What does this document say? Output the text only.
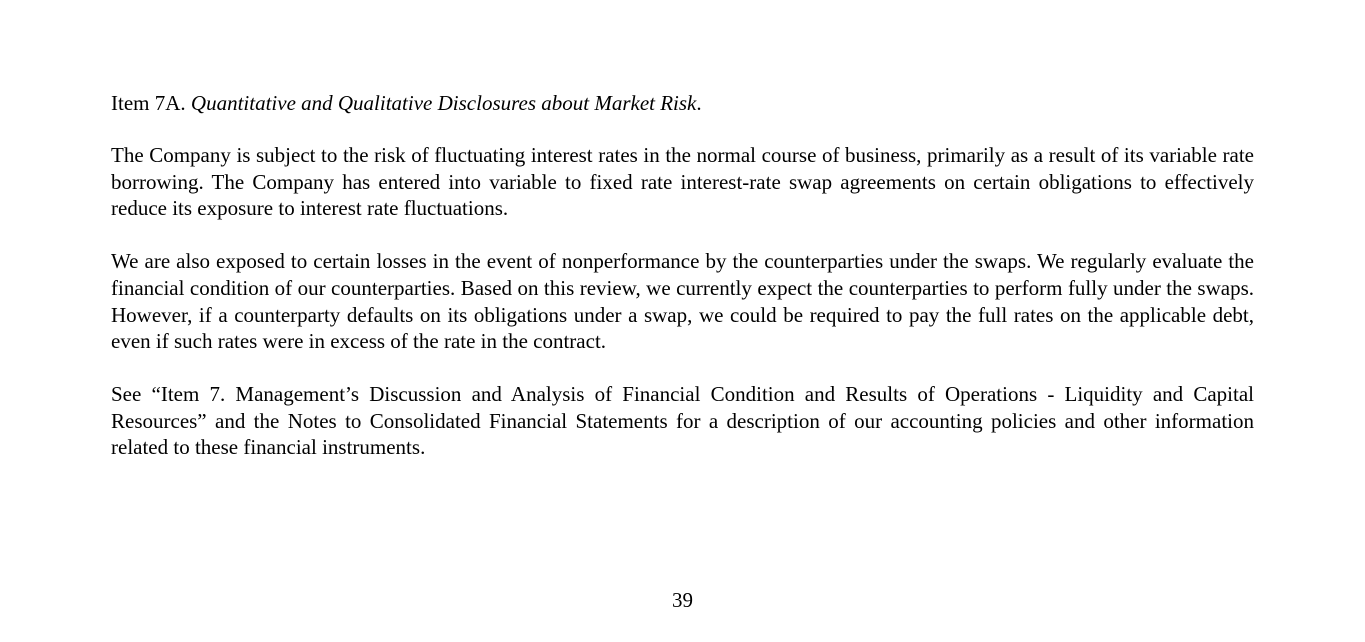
Item 7A. Quantitative and Qualitative Disclosures about Market Risk.

The Company is subject to the risk of fluctuating interest rates in the normal course of business, primarily as a result of its variable rate borrowing. The Company has entered into variable to fixed rate interest-rate swap agreements on certain obligations to effectively reduce its exposure to interest rate fluctuations.

We are also exposed to certain losses in the event of nonperformance by the counterparties under the swaps. We regularly evaluate the financial condition of our counterparties. Based on this review, we currently expect the counterparties to perform fully under the swaps. However, if a counterparty defaults on its obligations under a swap, we could be required to pay the full rates on the applicable debt, even if such rates were in excess of the rate in the contract.

See “Item 7. Management’s Discussion and Analysis of Financial Condition and Results of Operations - Liquidity and Capital Resources” and the Notes to Consolidated Financial Statements for a description of our accounting policies and other information related to these financial instruments.

39
